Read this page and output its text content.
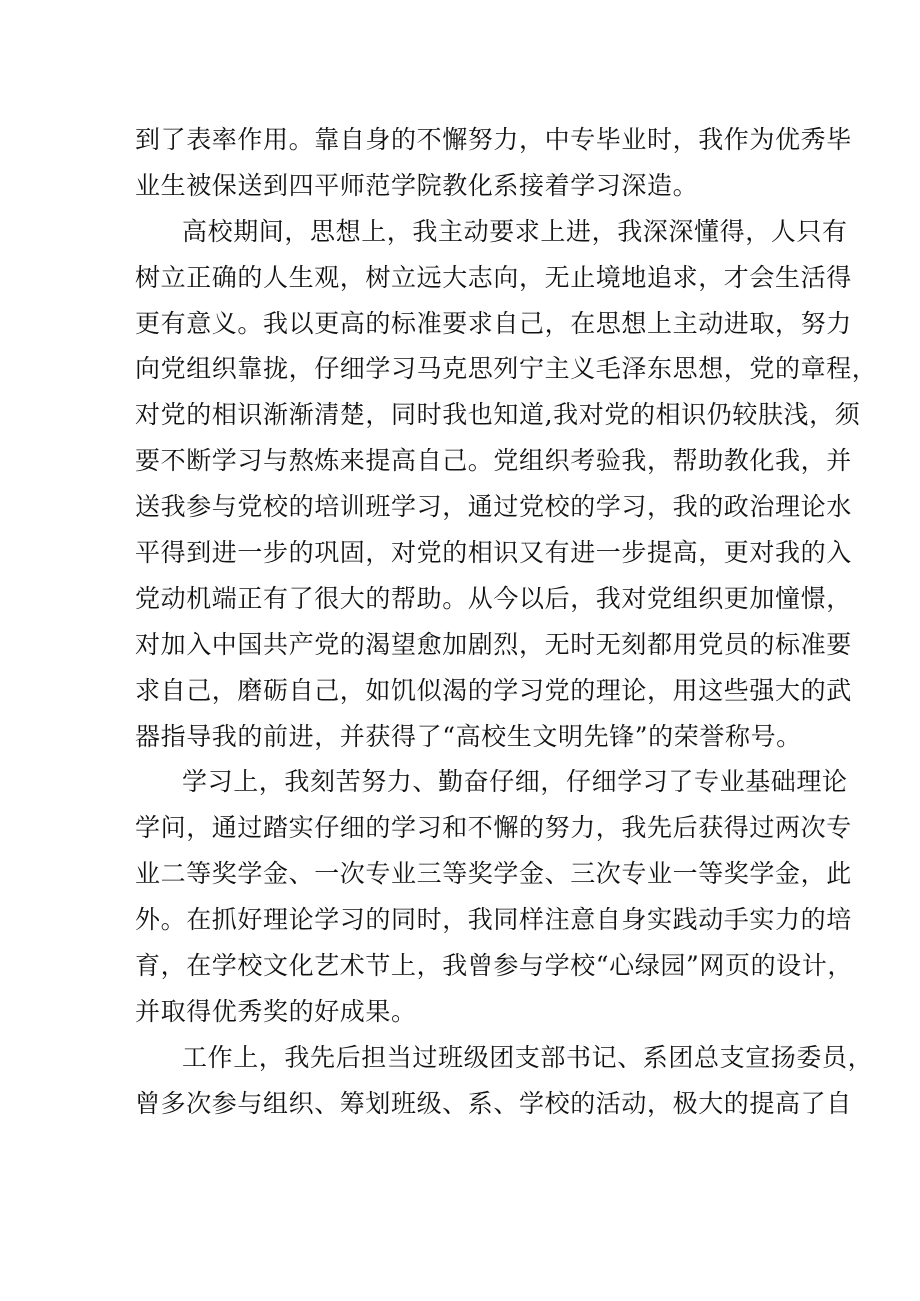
到了表率作用。靠自身的不懈努力，中专毕业时，我作为优秀毕
业生被保送到四平师范学院教化系接着学习深造。
高校期间，思想上，我主动要求上进，我深深懂得，人只有
树立正确的人生观，树立远大志向，无止境地追求，才会生活得
更有意义。我以更高的标准要求自己，在思想上主动进取，努力
向党组织靠拢，仔细学习马克思列宁主义毛泽东思想，党的章程，
对党的相识渐渐清楚，同时我也知道,我对党的相识仍较肤浅，须
要不断学习与熬炼来提高自己。党组织考验我，帮助教化我，并
送我参与党校的培训班学习，通过党校的学习，我的政治理论水
平得到进一步的巩固，对党的相识又有进一步提高，更对我的入
党动机端正有了很大的帮助。从今以后，我对党组织更加憧憬，
对加入中国共产党的渴望愈加剧烈，无时无刻都用党员的标准要
求自己，磨砺自己，如饥似渴的学习党的理论，用这些强大的武
器指导我的前进，并获得了“高校生文明先锋”的荣誉称号。
学习上，我刻苦努力、勤奋仔细，仔细学习了专业基础理论
学问，通过踏实仔细的学习和不懈的努力，我先后获得过两次专
业二等奖学金、一次专业三等奖学金、三次专业一等奖学金，此
外。在抓好理论学习的同时，我同样注意自身实践动手实力的培
育，在学校文化艺术节上，我曾参与学校“心绿园”网页的设计，
并取得优秀奖的好成果。
工作上，我先后担当过班级团支部书记、系团总支宣扬委员，
曾多次参与组织、筹划班级、系、学校的活动，极大的提高了自
